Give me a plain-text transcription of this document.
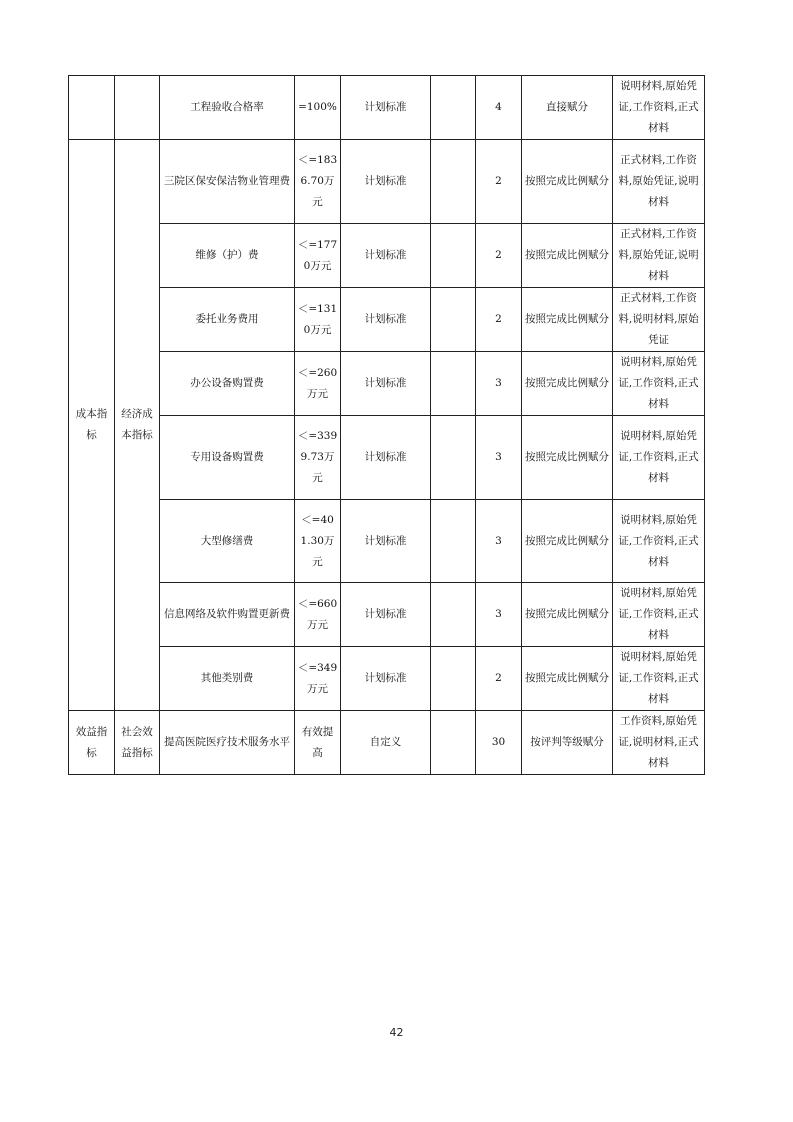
		工程验收合格率	=100%	计划标准		4	直接赋分	说明材料,原始凭证,工作资料,正式材料
成本指标	经济成本指标	三院区保安保洁物业管理费	＜=1836.70万元	计划标准		2	按照完成比例赋分	正式材料,工作资料,原始凭证,说明材料
		维修（护）费	＜=1770万元	计划标准		2	按照完成比例赋分	正式材料,工作资料,原始凭证,说明材料
		委托业务费用	＜=1310万元	计划标准		2	按照完成比例赋分	正式材料,工作资料,说明材料,原始凭证
		办公设备购置费	＜=260万元	计划标准		3	按照完成比例赋分	说明材料,原始凭证,工作资料,正式材料
		专用设备购置费	＜=3399.73万元	计划标准		3	按照完成比例赋分	说明材料,原始凭证,工作资料,正式材料
		大型修缮费	＜=401.30万元	计划标准		3	按照完成比例赋分	说明材料,原始凭证,工作资料,正式材料
		信息网络及软件购置更新费	＜=660万元	计划标准		3	按照完成比例赋分	说明材料,原始凭证,工作资料,正式材料
		其他类别费	＜=349万元	计划标准		2	按照完成比例赋分	说明材料,原始凭证,工作资料,正式材料
效益指标	社会效益指标	提高医院医疗技术服务水平	有效提高	自定义		30	按评判等级赋分	工作资料,原始凭证,说明材料,正式材料
42
